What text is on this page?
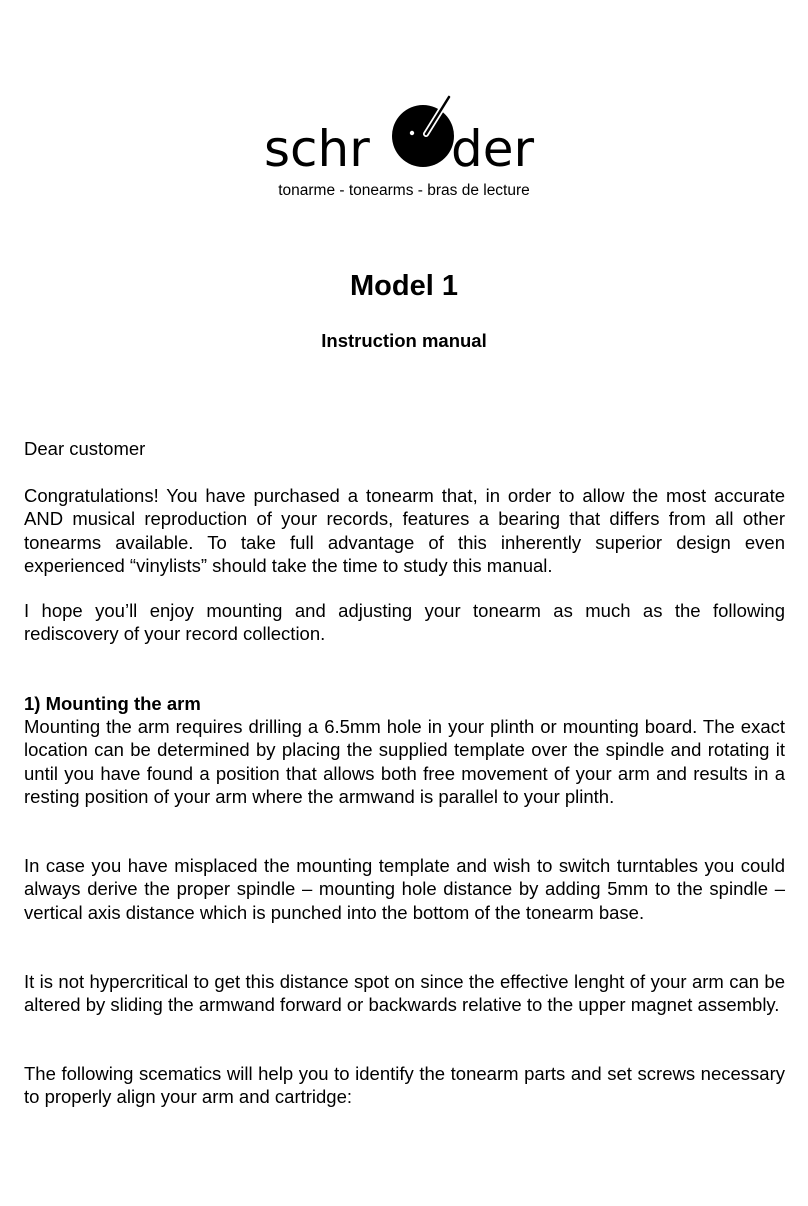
schr der
tonarme - tonearms - bras de lecture
Model 1
Instruction manual

Dear customer

Congratulations! You have purchased a tonearm that, in order to allow the most accurate AND musical reproduction of your records, features a bearing that differs from all other tonearms available. To take full advantage of this inherently superior design even experienced “vinylists” should take the time to study this manual.

I hope you’ll enjoy mounting and adjusting your tonearm as much as the following rediscovery of your record collection.

1) Mounting the arm

Mounting the arm requires drilling a 6.5mm hole in your plinth or mounting board. The exact location can be determined by placing the supplied template over the spindle and rotating it until you have found a position that allows both free movement of your arm and results in a resting position of your arm where the armwand is parallel to your plinth.

In case you have misplaced the mounting template and wish to switch turntables you could always derive the proper spindle – mounting hole distance by adding 5mm to the spindle – vertical axis distance which is punched into the bottom of the tonearm base.

It is not hypercritical to get this distance spot on since the effective lenght of your arm can be altered by sliding the armwand forward or backwards relative to the upper magnet assembly.

The following scematics will help you to identify the tonearm parts and set screws necessary to properly align your arm and cartridge:
